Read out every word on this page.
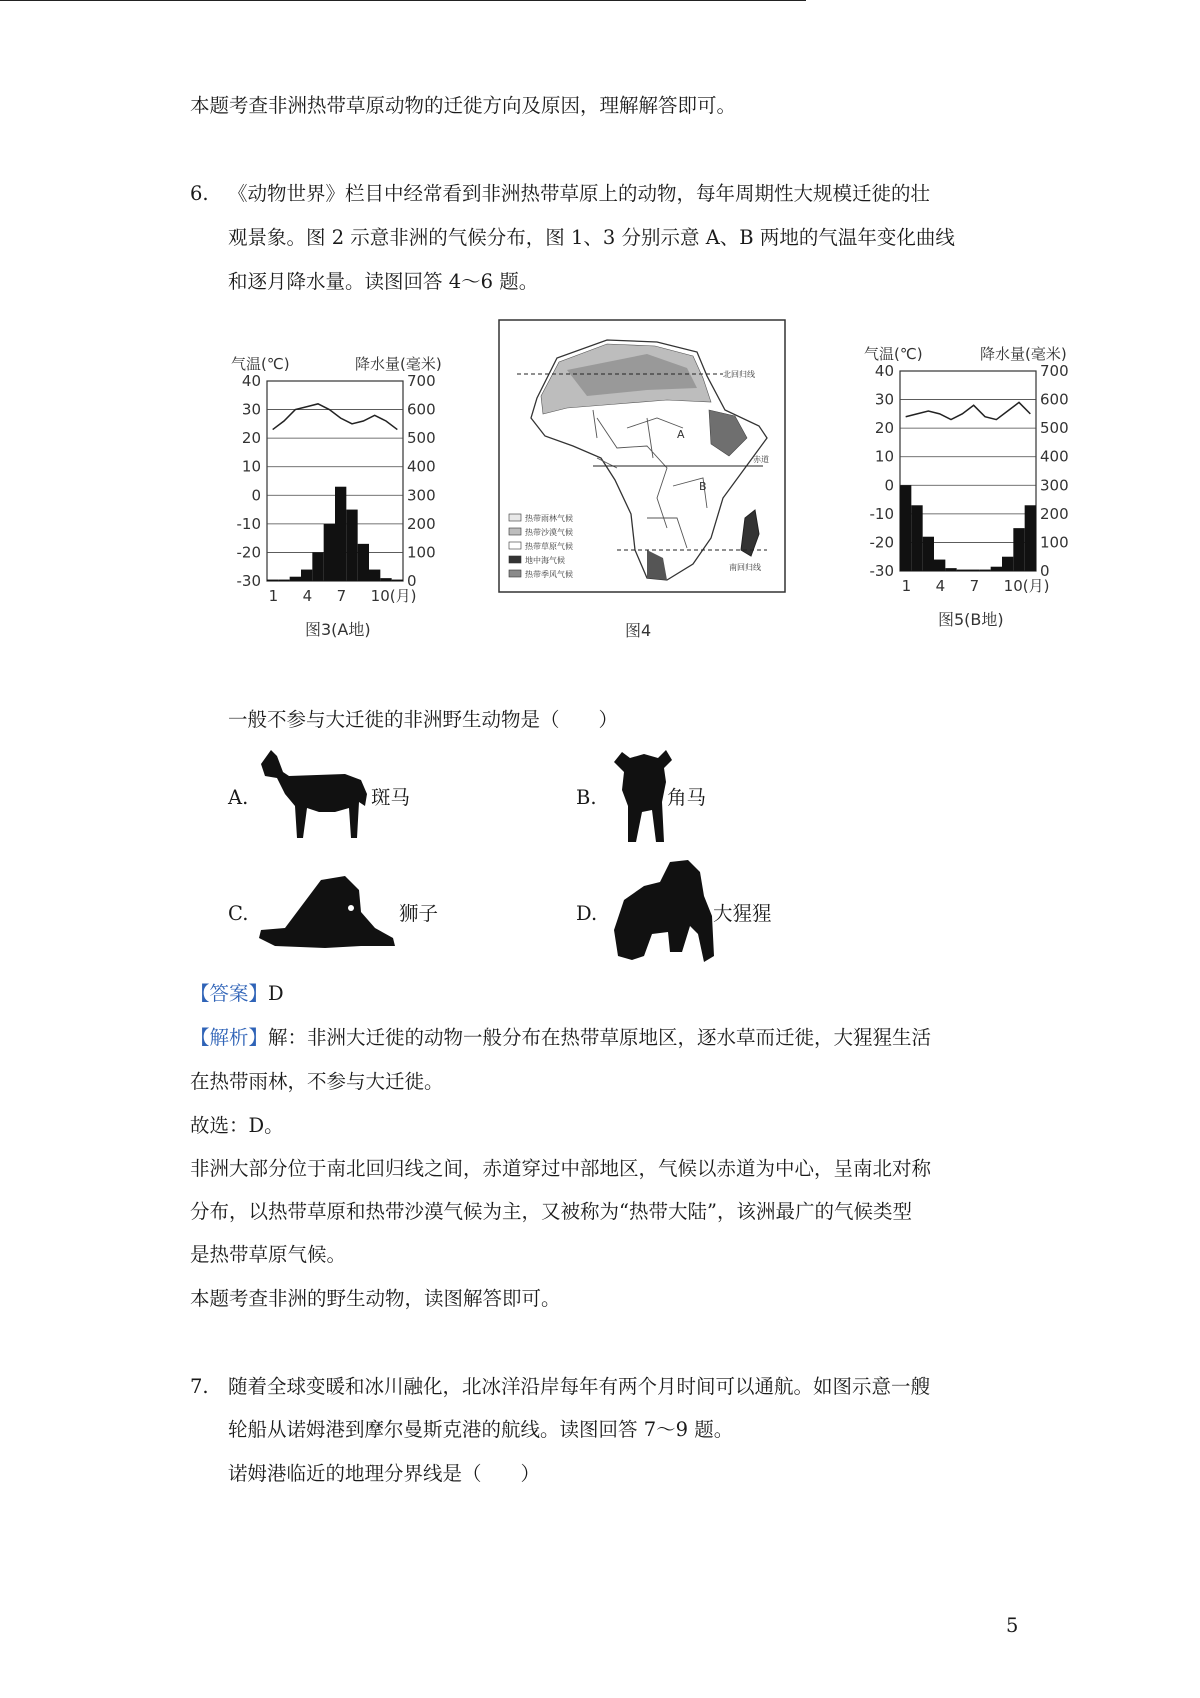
本题考查非洲热带草原动物的迁徙方向及原因，理解解答即可。
6. 《动物世界》栏目中经常看到非洲热带草原上的动物，每年周期性大规模迁徙的壮
观景象。图 2 示意非洲的气候分布，图 1、3 分别示意 A、B 两地的气温年变化曲线
和逐月降水量。读图回答 4～6 题。
气温(℃)	降水量(毫米)
40	700
30	600
20	500
10	400
0	300
-10	200
-20	100
-30	0
1 4 7 10(月)
图3(A地)
北回归线
赤道
南回归线
A
B
热带雨林气候
热带沙漠气候
热带草原气候
地中海气候
热带季风气候
图4
气温(℃)	降水量(毫米)
40	700
30	600
20	500
10	400
0	300
-10	200
-20	100
-30	0
1 4 7 10(月)
图5(B地)
一般不参与大迁徙的非洲野生动物是（　　）
A.	斑马	B.	角马
C.	狮子	D.	大猩猩
【答案】D
【解析】解：非洲大迁徙的动物一般分布在热带草原地区，逐水草而迁徙，大猩猩生活
在热带雨林，不参与大迁徙。
故选：D。
非洲大部分位于南北回归线之间，赤道穿过中部地区，气候以赤道为中心，呈南北对称
分布，以热带草原和热带沙漠气候为主，又被称为“热带大陆”，该洲最广的气候类型
是热带草原气候。
本题考查非洲的野生动物，读图解答即可。
7. 随着全球变暖和冰川融化，北冰洋沿岸每年有两个月时间可以通航。如图示意一艘
轮船从诺姆港到摩尔曼斯克港的航线。读图回答 7～9 题。
诺姆港临近的地理分界线是（　　）
5
